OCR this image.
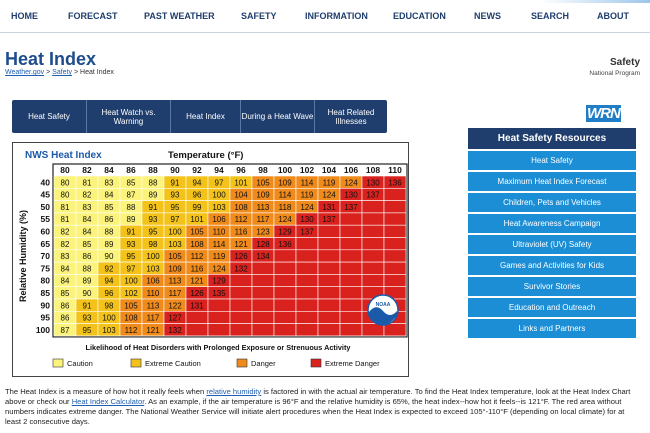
HOME	FORECAST	PAST WEATHER	SAFETY	INFORMATION	EDUCATION	NEWS	SEARCH	ABOUT
Heat Index
Weather.gov > Safety > Heat Index
Safety
National Program
Heat Safety	Heat Watch vs. Warning	Heat Index	During a Heat Wave	Heat Related Illnesses	WRN
Heat Safety Resources
Heat Safety
Maximum Heat Index Forecast
Children, Pets and Vehicles
Heat Awareness Campaign
Ultraviolet (UV) Safety
Games and Activities for Kids
Survivor Stories
Education and Outreach
Links and Partners
NWS Heat Index	Temperature (°F)
80 82 84 86 88 90 92 94 96 98 100 102 104 106 108 110
40 80 81 83 85 88 91 94 97 101 105 109 114 119 124 130 136
45 80 82 84 87 89 93 96 100 104 109 114 119 124 130 137
50 81 83 85 88 91 95 99 103 108 113 118 124 131 137
55 81 84 86 89 93 97 101 106 112 117 124 130 137
60 82 84 88 91 95 100 105 110 116 123 129 137
65 82 85 89 93 98 103 108 114 121 128 136
70 83 86 90 95 100 105 112 119 126 134
75 84 88 92 97 103 109 116 124 132
80 84 89 94 100 106 113 121 129
85 85 90 96 102 110 117 126 135
90 86 91 98 105 113 122 131
95 86 93 100 108 117 127
100 87 95 103 112 121 132
Relative Humidity (%)
NOAA
Likelihood of Heat Disorders with Prolonged Exposure or Strenuous Activity
Caution	Extreme Caution	Danger	Extreme Danger
The Heat Index is a measure of how hot it really feels when relative humidity is factored in with the actual air temperature. To find the Heat Index temperature, look at the Heat Index Chart above or check our Heat Index Calculator. As an example, if the air temperature is 96°F and the relative humidity is 65%, the heat index--how hot it feels--is 121°F. The red area without numbers indicates extreme danger. The National Weather Service will initiate alert procedures when the Heat Index is expected to exceed 105°-110°F (depending on local climate) for at least 2 consecutive days.
